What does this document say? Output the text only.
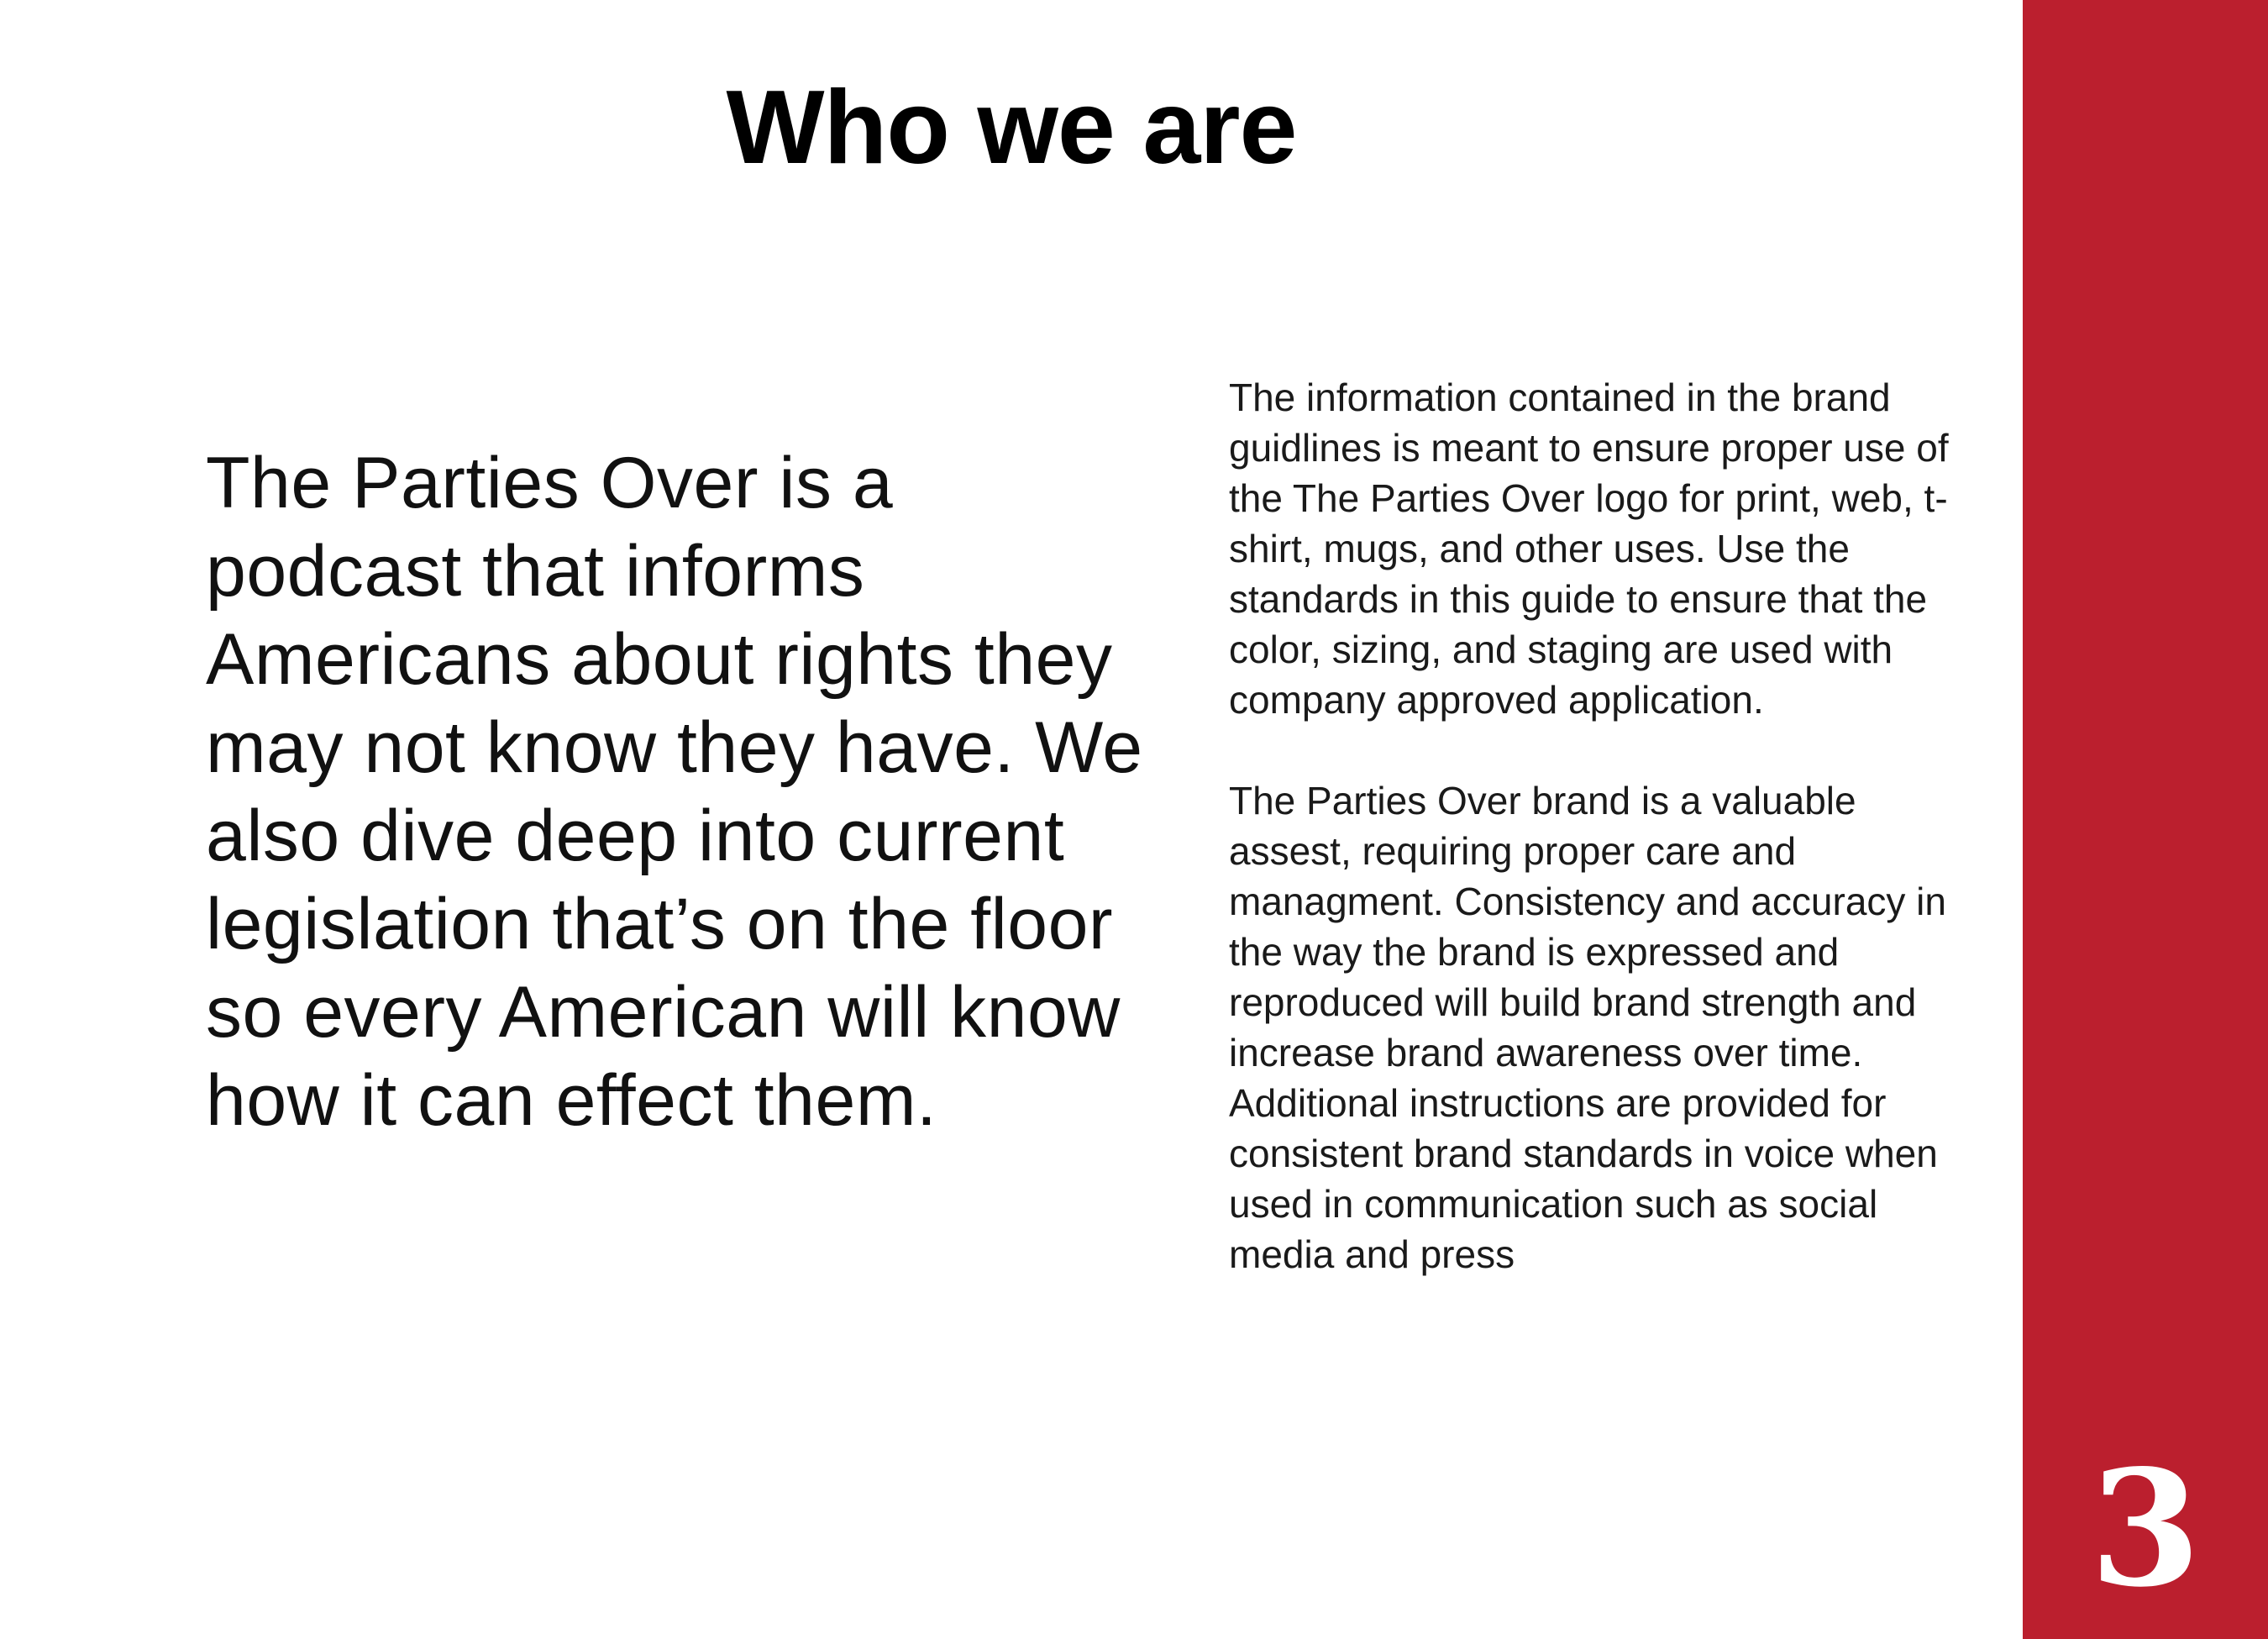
Who we are

The Parties Over is a podcast that informs Americans about rights they may not know they have. We also dive deep into current legislation that’s on the floor so every American will know how it can effect them.

The information contained in the brand guidlines is meant to ensure proper use of the The Parties Over logo for print, web, t-shirt, mugs, and other uses. Use the standards in this guide to ensure that the color, sizing, and staging are used with company approved application.

The Parties Over brand is a valuable assest, requiring proper care and managment. Consistency and accuracy in the way the brand is expressed and reproduced will build brand strength and increase brand awareness over time. Additional instructions are provided for consistent brand standards in voice when used in communication such as social media and press

3
